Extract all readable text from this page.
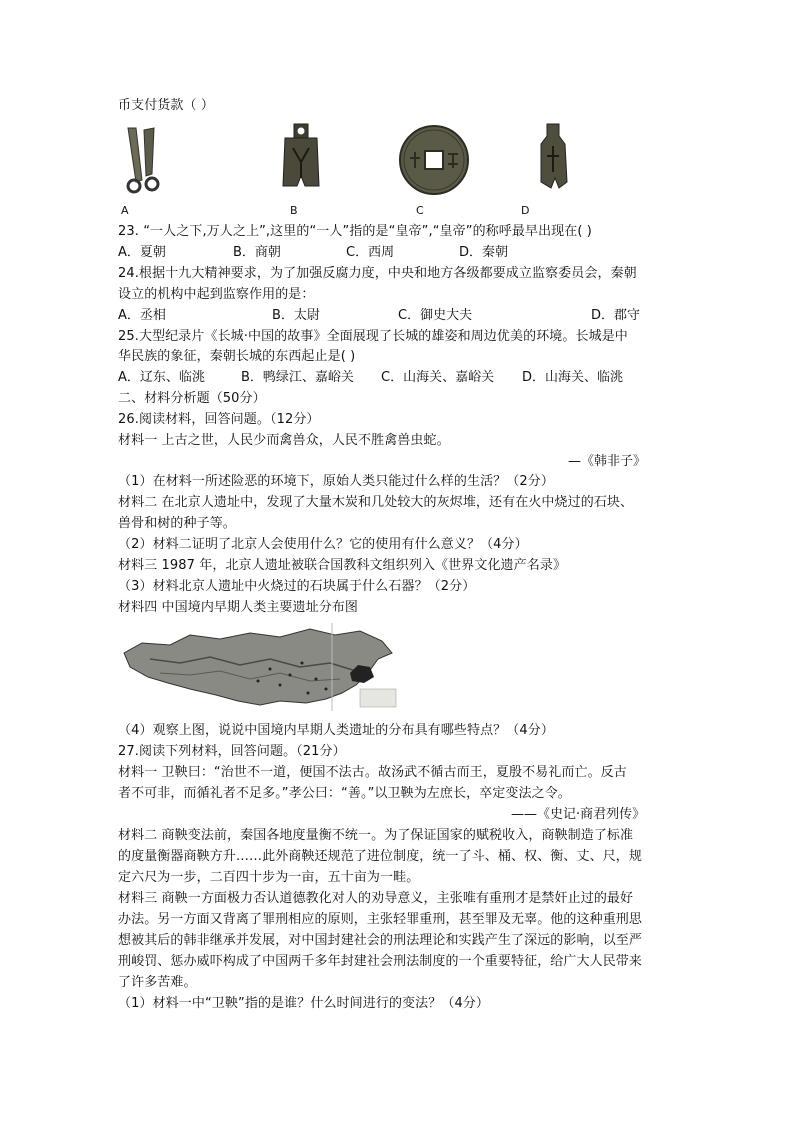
币支付货款（ ）
A	B	C	D
23. “一人之下,万人之上”,这里的“一人”指的是“皇帝”,“皇帝”的称呼最早出现在( )
A．夏朝	B．商朝	C．西周	D．秦朝
24.根据十九大精神要求，为了加强反腐力度，中央和地方各级都要成立监察委员会，秦朝
设立的机构中起到监察作用的是：
A．丞相	B．太尉	C．御史大夫	D．郡守
25.大型纪录片《长城·中国的故事》全面展现了长城的雄姿和周边优美的环境。长城是中
华民族的象征，秦朝长城的东西起止是( )
A．辽东、临洮	B．鸭绿江、嘉峪关 C．山海关、嘉峪关 D．山海关、临洮
二、材料分析题（50分）
26.阅读材料，回答问题。（12分）
材料一 上古之世，人民少而禽兽众，人民不胜禽兽虫蛇。
—《韩非子》
（1）在材料一所述险恶的环境下，原始人类只能过什么样的生活？（2分）
材料二 在北京人遗址中，发现了大量木炭和几处较大的灰烬堆，还有在火中烧过的石块、
兽骨和树的种子等。
（2）材料二证明了北京人会使用什么？它的使用有什么意义？（4分）
材料三 1987 年，北京人遗址被联合国教科文组织列入《世界文化遗产名录》
（3）材料北京人遗址中火烧过的石块属于什么石器？（2分）
材料四 中国境内早期人类主要遗址分布图
（4）观察上图，说说中国境内早期人类遗址的分布具有哪些特点？（4分）
27.阅读下列材料，回答问题。（21分）
材料一 卫鞅曰：“治世不一道，便国不法古。故汤武不循古而王，夏殷不易礼而亡。反古
者不可非，而循礼者不足多。”孝公曰：“善。”以卫鞅为左庶长，卒定变法之令。
——《史记·商君列传》
材料二 商鞅变法前，秦国各地度量衡不统一。为了保证国家的赋税收入，商鞅制造了标准
的度量衡器商鞅方升……此外商鞅还规范了进位制度，统一了斗、桶、权、衡、丈、尺，规
定六尺为一步，二百四十步为一亩，五十亩为一畦。
材料三 商鞅一方面极力否认道德教化对人的劝导意义，主张唯有重刑才是禁奸止过的最好
办法。另一方面又背离了罪刑相应的原则，主张轻罪重刑，甚至罪及无辜。他的这种重刑思
想被其后的韩非继承并发展，对中国封建社会的刑法理论和实践产生了深远的影响，以至严
刑峻罚、惩办威吓构成了中国两千多年封建社会刑法制度的一个重要特征，给广大人民带来
了许多苦难。
（1）材料一中“卫鞅”指的是谁？什么时间进行的变法？（4分）
